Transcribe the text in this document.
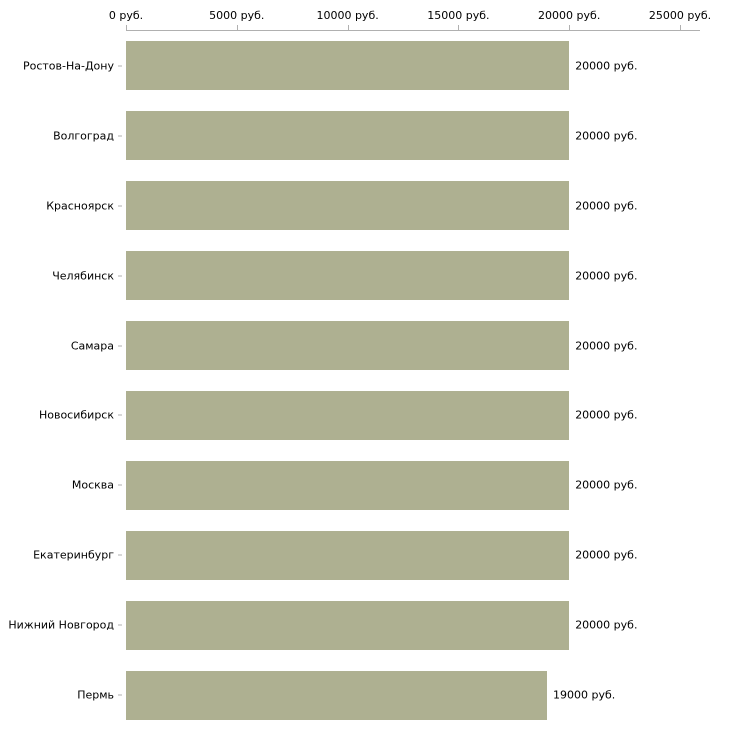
0 руб.	5000 руб.	10000 руб.	15000 руб.	20000 руб.	25000 руб.
Ростов-На-Дону
Волгоград
Красноярск
Челябинск
Самара
Новосибирск
Москва
Екатеринбург
Нижний Новгород
Пермь
20000 руб.
20000 руб.
20000 руб.
20000 руб.
20000 руб.
20000 руб.
20000 руб.
20000 руб.
20000 руб.
19000 руб.
